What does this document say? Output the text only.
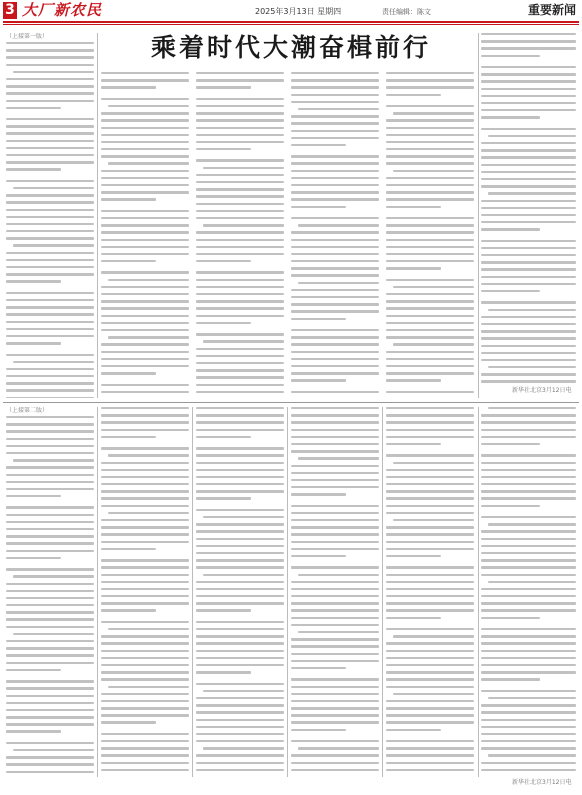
3 大厂新农民	2025年3月13日 星期四	责任编辑：陈文	重要新闻
乘着时代大潮奋楫前行
（上接第一版）
新华社北京3月12日电
（上接第二版）
新华社北京3月12日电
